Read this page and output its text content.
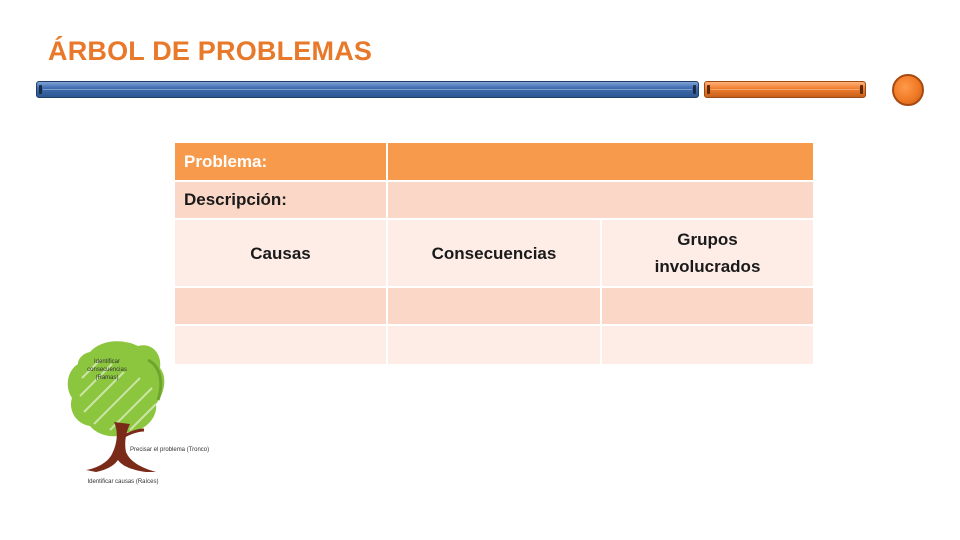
ÁRBOL DE PROBLEMAS
Problema:		
Descripción:		
Causas	Consecuencias	Grupos involucrados

Identificar consecuencias (Ramas)
Precisar el problema (Tronco)
Identificar causas (Raíces)
